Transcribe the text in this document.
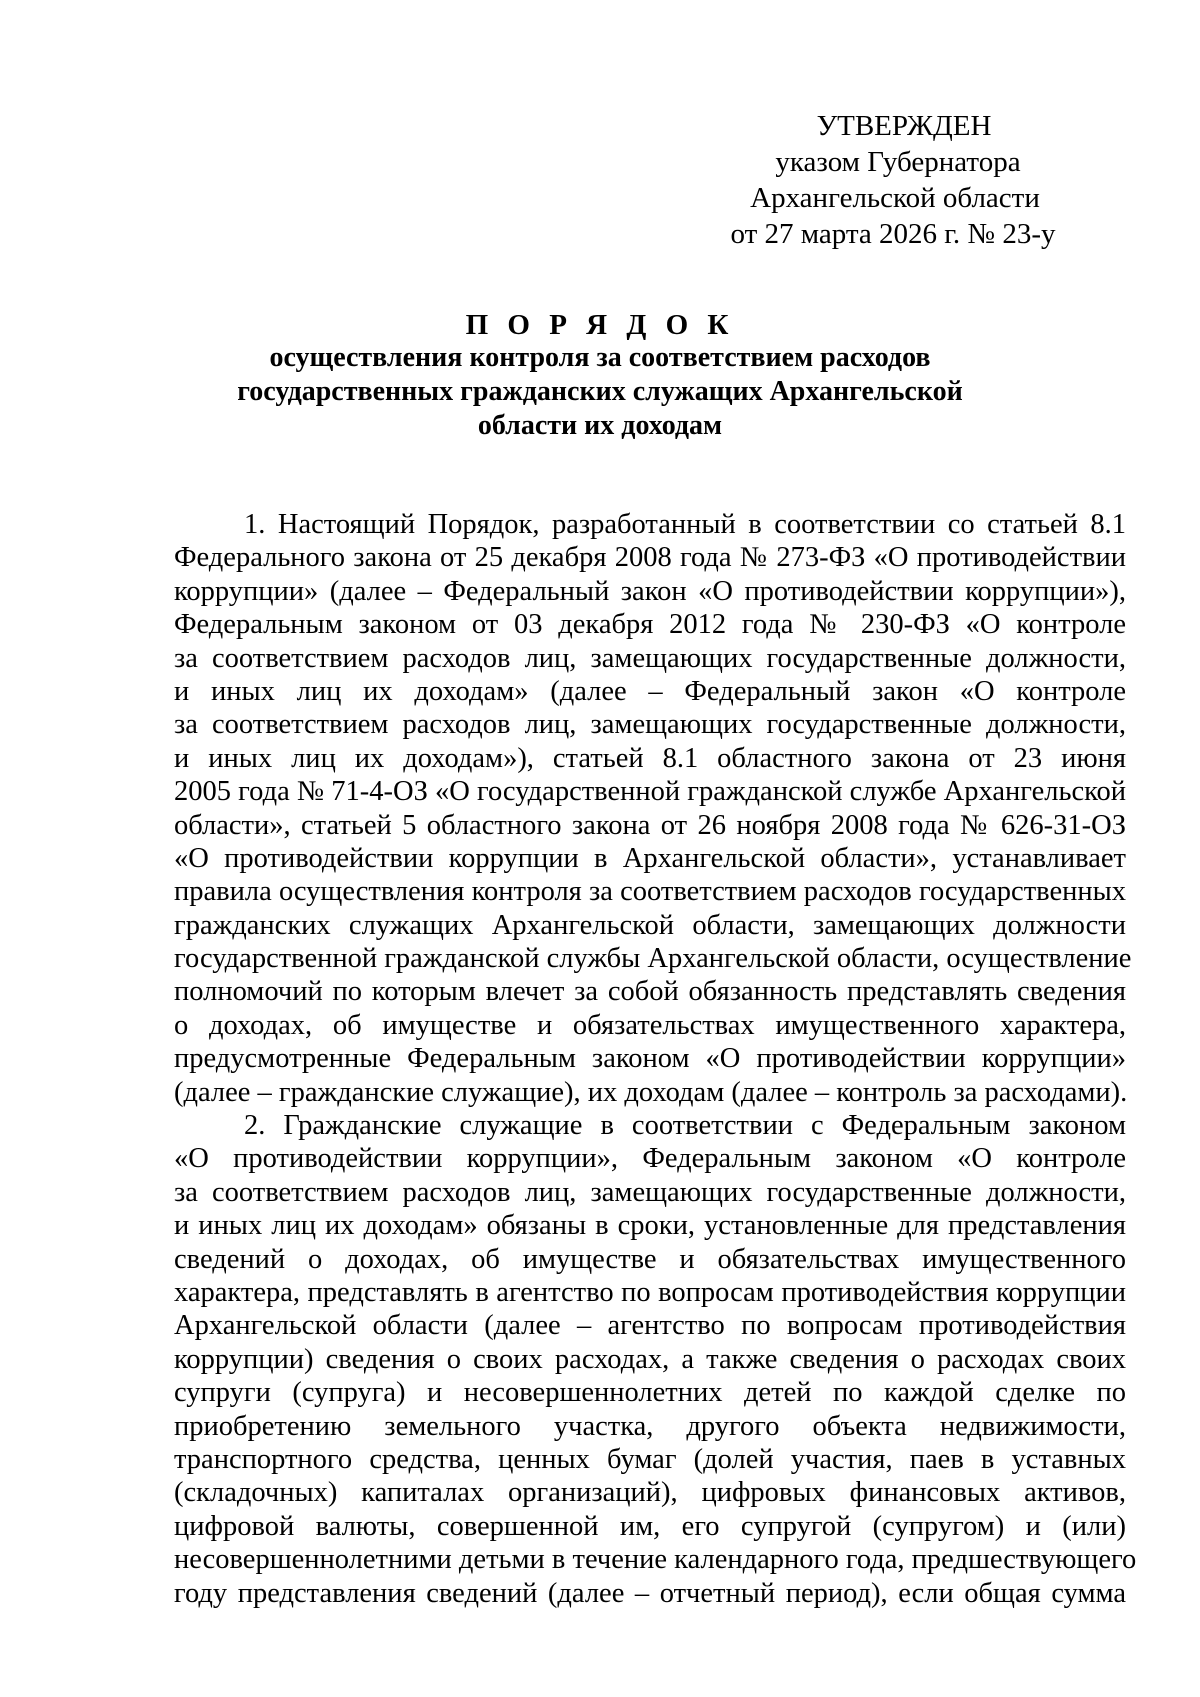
УТВЕРЖДЕН
указом Губернатора
Архангельской области
от 27 марта 2026 г. № 23-у
П О Р Я Д О К
осуществления контроля за соответствием расходов
государственных гражданских служащих Архангельской
области их доходам
1. Настоящий Порядок, разработанный в соответствии со статьей 8.1
Федерального закона от 25 декабря 2008 года № 273-ФЗ «О противодействии
коррупции» (далее – Федеральный закон «О противодействии коррупции»),
Федеральным законом от 03 декабря 2012 года № 230-ФЗ «О контроле
за соответствием расходов лиц, замещающих государственные должности,
и иных лиц их доходам» (далее – Федеральный закон «О контроле
за соответствием расходов лиц, замещающих государственные должности,
и иных лиц их доходам»), статьей 8.1 областного закона от 23 июня
2005 года № 71-4-ОЗ «О государственной гражданской службе Архангельской
области», статьей 5 областного закона от 26 ноября 2008 года № 626-31-ОЗ
«О противодействии коррупции в Архангельской области», устанавливает
правила осуществления контроля за соответствием расходов государственных
гражданских служащих Архангельской области, замещающих должности
государственной гражданской службы Архангельской области, осуществление
полномочий по которым влечет за собой обязанность представлять сведения
о доходах, об имуществе и обязательствах имущественного характера,
предусмотренные Федеральным законом «О противодействии коррупции»
(далее – гражданские служащие), их доходам (далее – контроль за расходами).
2. Гражданские служащие в соответствии с Федеральным законом
«О противодействии коррупции», Федеральным законом «О контроле
за соответствием расходов лиц, замещающих государственные должности,
и иных лиц их доходам» обязаны в сроки, установленные для представления
сведений о доходах, об имуществе и обязательствах имущественного
характера, представлять в агентство по вопросам противодействия коррупции
Архангельской области (далее – агентство по вопросам противодействия
коррупции) сведения о своих расходах, а также сведения о расходах своих
супруги (супруга) и несовершеннолетних детей по каждой сделке по
приобретению земельного участка, другого объекта недвижимости,
транспортного средства, ценных бумаг (долей участия, паев в уставных
(складочных) капиталах организаций), цифровых финансовых активов,
цифровой валюты, совершенной им, его супругой (супругом) и (или)
несовершеннолетними детьми в течение календарного года, предшествующего
году представления сведений (далее – отчетный период), если общая сумма
